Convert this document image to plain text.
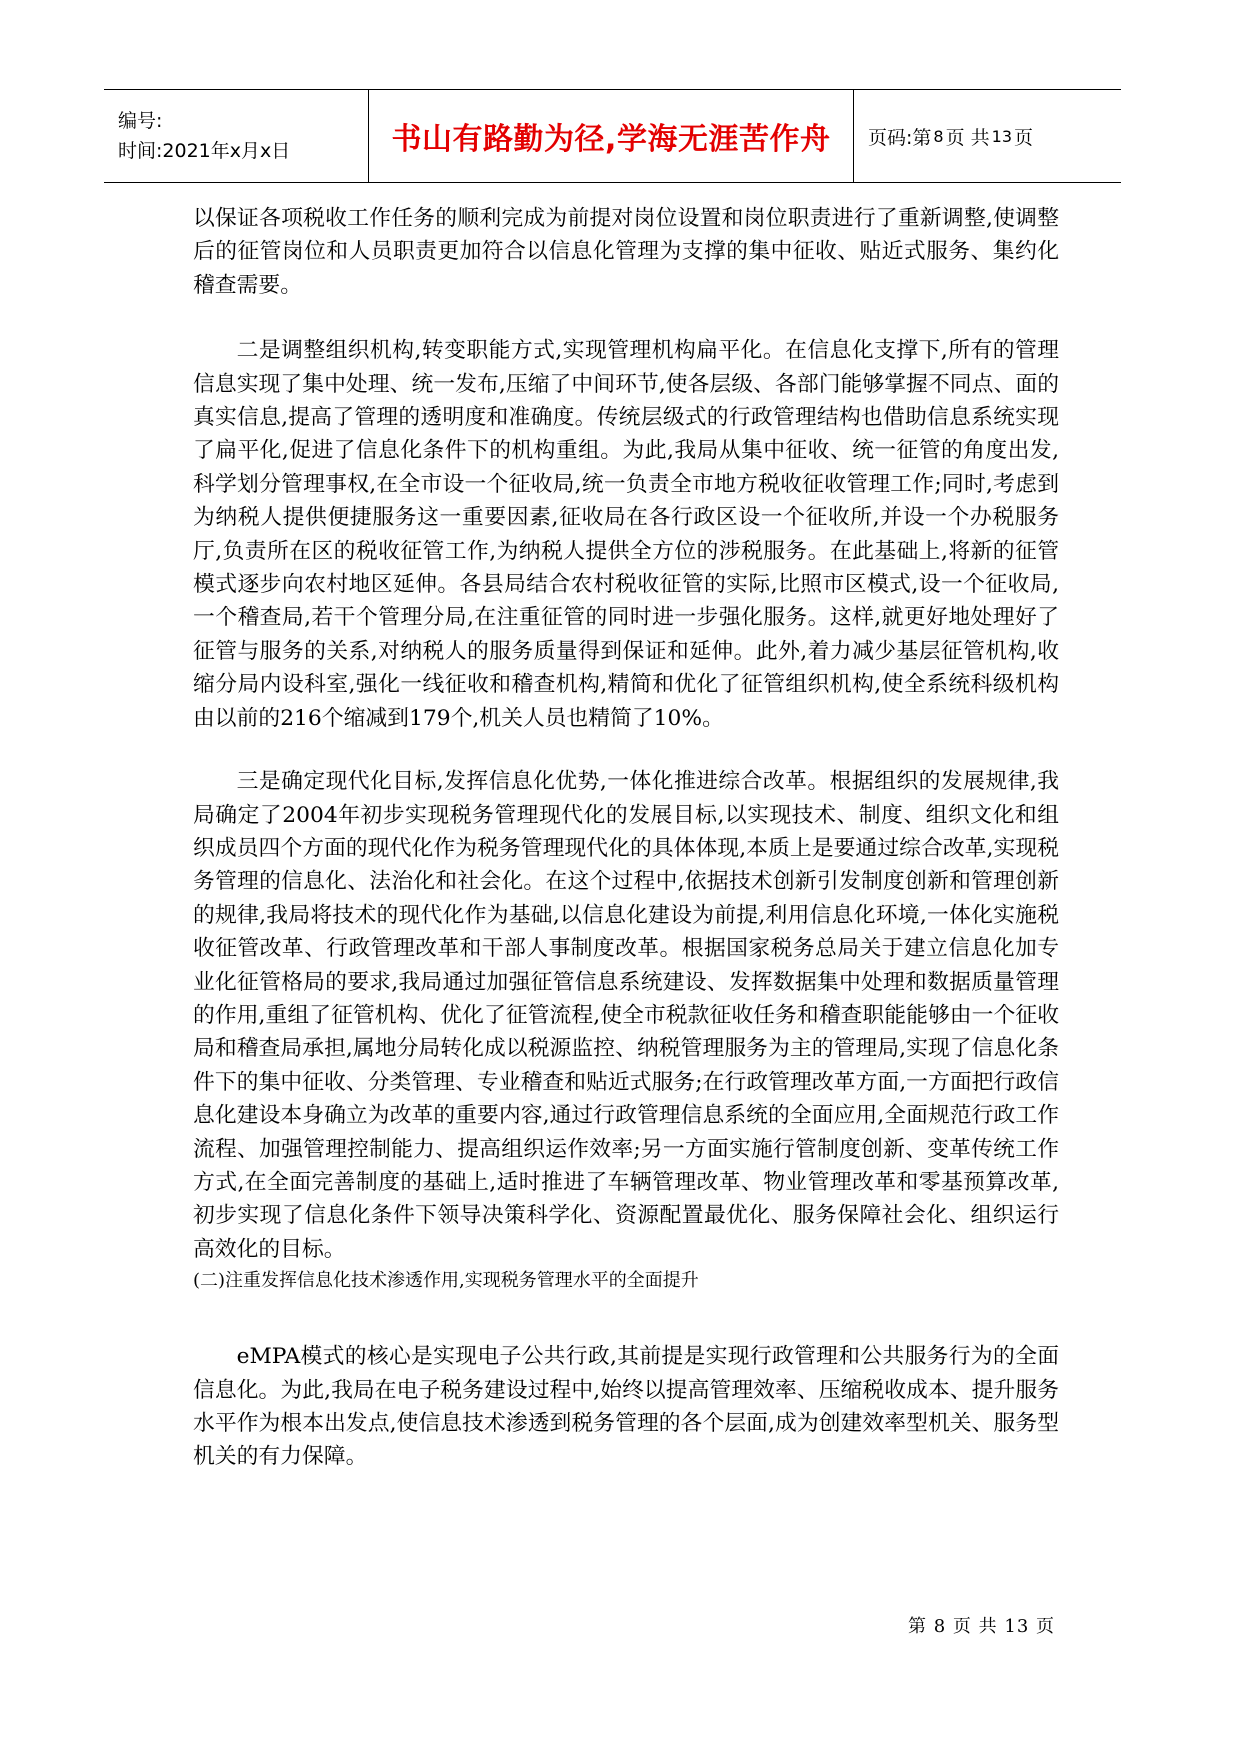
编号:
时间:2021年x月x日	书山有路勤为径,学海无涯苦作舟 页码:第 8 页 共 13 页

以保证各项税收工作任务的顺利完成为前提对岗位设置和岗位职责进行了重新调整,使调整后的征管岗位和人员职责更加符合以信息化管理为支撑的集中征收、贴近式服务、集约化稽查需要。

二是调整组织机构,转变职能方式,实现管理机构扁平化。在信息化支撑下,所有的管理信息实现了集中处理、统一发布,压缩了中间环节,使各层级、各部门能够掌握不同点、面的真实信息,提高了管理的透明度和准确度。传统层级式的行政管理结构也借助信息系统实现了扁平化,促进了信息化条件下的机构重组。为此,我局从集中征收、统一征管的角度出发,科学划分管理事权,在全市设一个征收局,统一负责全市地方税收征收管理工作;同时,考虑到为纳税人提供便捷服务这一重要因素,征收局在各行政区设一个征收所,并设一个办税服务厅,负责所在区的税收征管工作,为纳税人提供全方位的涉税服务。在此基础上,将新的征管模式逐步向农村地区延伸。各县局结合农村税收征管的实际,比照市区模式,设一个征收局,一个稽查局,若干个管理分局,在注重征管的同时进一步强化服务。这样,就更好地处理好了征管与服务的关系,对纳税人的服务质量得到保证和延伸。此外,着力减少基层征管机构,收缩分局内设科室,强化一线征收和稽查机构,精简和优化了征管组织机构,使全系统科级机构由以前的216个缩减到179个,机关人员也精简了10%。

三是确定现代化目标,发挥信息化优势,一体化推进综合改革。根据组织的发展规律,我局确定了2004年初步实现税务管理现代化的发展目标,以实现技术、制度、组织文化和组织成员四个方面的现代化作为税务管理现代化的具体体现,本质上是要通过综合改革,实现税务管理的信息化、法治化和社会化。在这个过程中,依据技术创新引发制度创新和管理创新的规律,我局将技术的现代化作为基础,以信息化建设为前提,利用信息化环境,一体化实施税收征管改革、行政管理改革和干部人事制度改革。根据国家税务总局关于建立信息化加专业化征管格局的要求,我局通过加强征管信息系统建设、发挥数据集中处理和数据质量管理的作用,重组了征管机构、优化了征管流程,使全市税款征收任务和稽查职能能够由一个征收局和稽查局承担,属地分局转化成以税源监控、纳税管理服务为主的管理局,实现了信息化条件下的集中征收、分类管理、专业稽查和贴近式服务;在行政管理改革方面,一方面把行政信息化建设本身确立为改革的重要内容,通过行政管理信息系统的全面应用,全面规范行政工作流程、加强管理控制能力、提高组织运作效率;另一方面实施行管制度创新、变革传统工作方式,在全面完善制度的基础上,适时推进了车辆管理改革、物业管理改革和零基预算改革,初步实现了信息化条件下领导决策科学化、资源配置最优化、服务保障社会化、组织运行高效化的目标。

(二)注重发挥信息化技术渗透作用,实现税务管理水平的全面提升

eMPA模式的核心是实现电子公共行政,其前提是实现行政管理和公共服务行为的全面信息化。为此,我局在电子税务建设过程中,始终以提高管理效率、压缩税收成本、提升服务水平作为根本出发点,使信息技术渗透到税务管理的各个层面,成为创建效率型机关、服务型机关的有力保障。

第 8 页 共 13 页
